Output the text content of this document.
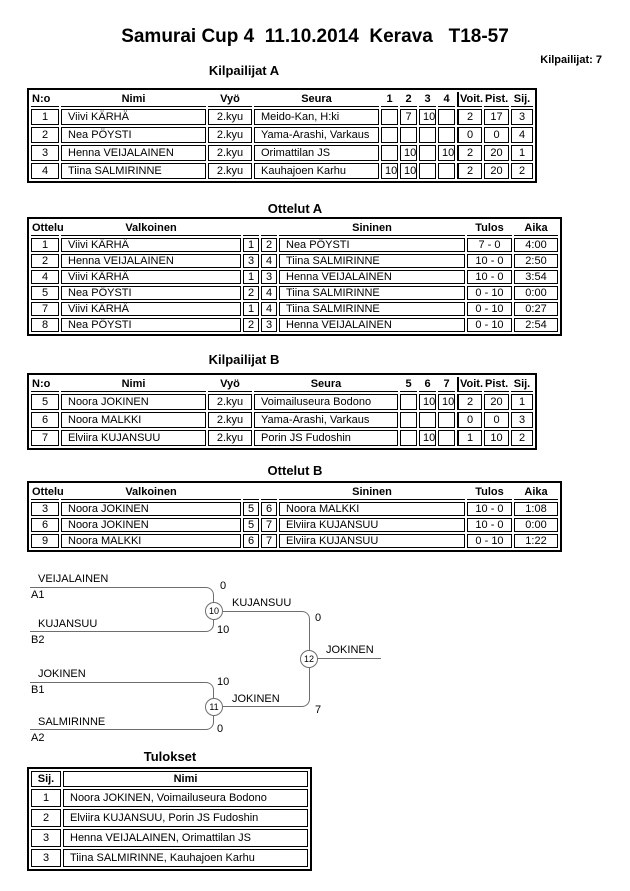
Samurai Cup 4  11.10.2014  Kerava   T18-57
Kilpailijat: 7
Kilpailijat A
N:o	Nimi	Vyö	Seura	1	2	3	4	Voit.	Pist.	Sij.
1	Viivi KÄRHÄ	2.kyu	Meido-Kan, H:ki		7	10		2	17	3
2	Nea PÖYSTI	2.kyu	Yama-Arashi, Varkaus					0	0	4
3	Henna VEIJALAINEN	2.kyu	Orimattilan JS		10		10	2	20	1
4	Tiina SALMIRINNE	2.kyu	Kauhajoen Karhu	10	10			2	20	2
Ottelut A
Ottelu	Valkoinen			Sininen	Tulos	Aika
1	Viivi KÄRHÄ	1	2	Nea PÖYSTI	7 - 0	4:00
2	Henna VEIJALAINEN	3	4	Tiina SALMIRINNE	10 - 0	2:50
4	Viivi KÄRHÄ	1	3	Henna VEIJALAINEN	10 - 0	3:54
5	Nea PÖYSTI	2	4	Tiina SALMIRINNE	0 - 10	0:00
7	Viivi KÄRHÄ	1	4	Tiina SALMIRINNE	0 - 10	0:27
8	Nea PÖYSTI	2	3	Henna VEIJALAINEN	0 - 10	2:54
Kilpailijat B
N:o	Nimi	Vyö	Seura	5	6	7	Voit.	Pist.	Sij.
5	Noora JOKINEN	2.kyu	Voimailuseura Bodono		10	10	2	20	1
6	Noora MALKKI	2.kyu	Yama-Arashi, Varkaus				0	0	3
7	Elviira KUJANSUU	2.kyu	Porin JS Fudoshin		10		1	10	2
Ottelut B
Ottelu	Valkoinen			Sininen	Tulos	Aika
3	Noora JOKINEN	5	6	Noora MALKKI	10 - 0	1:08
6	Noora JOKINEN	5	7	Elviira KUJANSUU	10 - 0	0:00
9	Noora MALKKI	6	7	Elviira KUJANSUU	0 - 10	1:22
VEIJALAINEN
A1
0
KUJANSUU
B2
10
10
KUJANSUU
0
JOKINEN
B1
10
SALMIRINNE
A2
0
11
JOKINEN
7
12
JOKINEN
Tulokset
Sij.	Nimi
1	Noora JOKINEN, Voimailuseura Bodono
2	Elviira KUJANSUU, Porin JS Fudoshin
3	Henna VEIJALAINEN, Orimattilan JS
3	Tiina SALMIRINNE, Kauhajoen Karhu
